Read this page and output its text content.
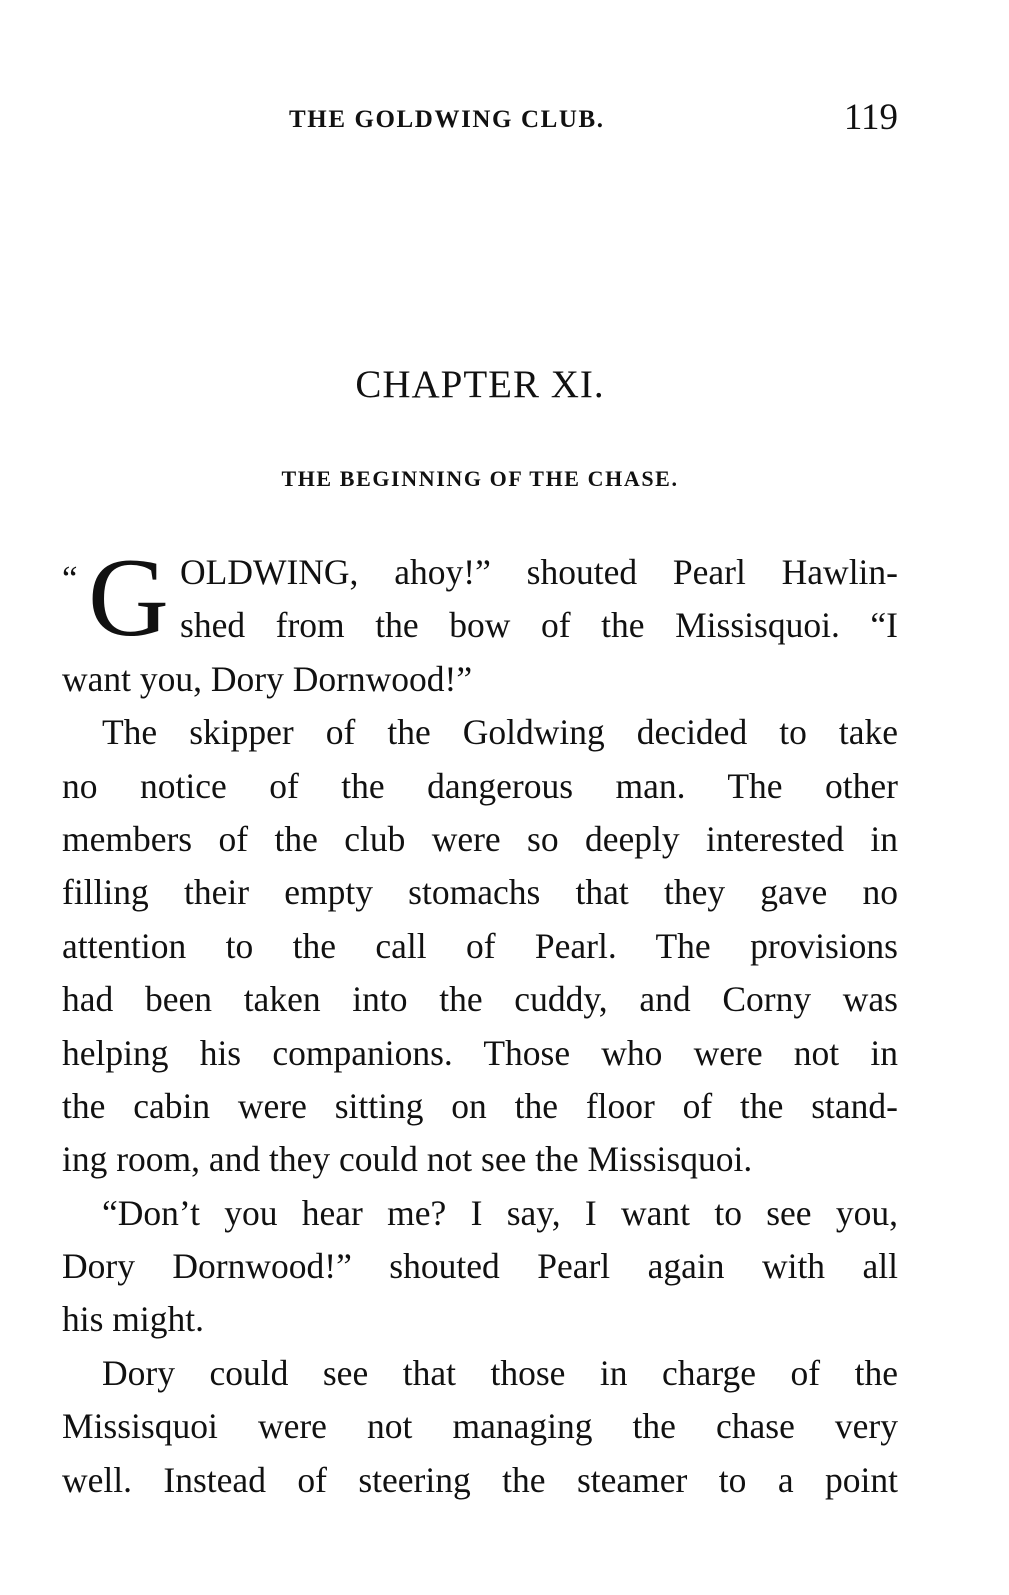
THE GOLDWING CLUB.	119
CHAPTER XI.
THE BEGINNING OF THE CHASE.
“ G OLDWING, ahoy!” shouted Pearl Hawlin-
shed from the bow of the Missisquoi. “I
want you, Dory Dornwood!”
The skipper of the Goldwing decided to take
no notice of the dangerous man. The other
members of the club were so deeply interested in
filling their empty stomachs that they gave no
attention to the call of Pearl. The provisions
had been taken into the cuddy, and Corny was
helping his companions. Those who were not in
the cabin were sitting on the floor of the stand-
ing room, and they could not see the Missisquoi.
“Don’t you hear me? I say, I want to see you,
Dory Dornwood!” shouted Pearl again with all
his might.
Dory could see that those in charge of the
Missisquoi were not managing the chase very
well. Instead of steering the steamer to a point
